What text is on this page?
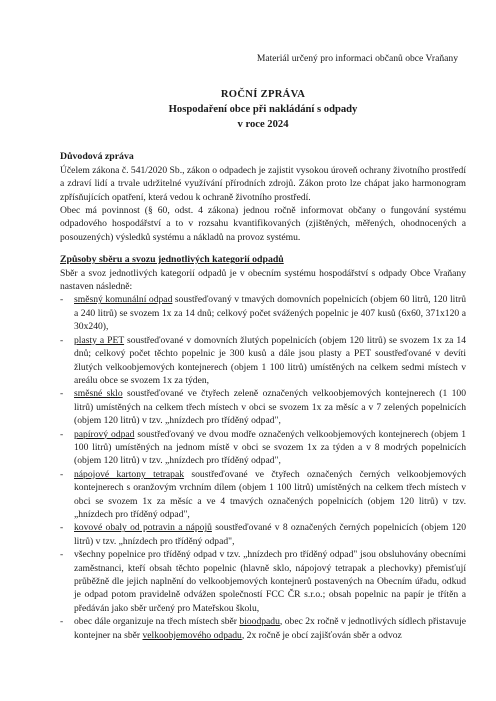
Materiál určený pro informaci občanů obce Vraňany
ROČNÍ ZPRÁVA
Hospodaření obce při nakládání s odpady
v roce 2024
Důvodová zpráva

Účelem zákona č. 541/2020 Sb., zákon o odpadech je zajistit vysokou úroveň ochrany životního prostředí a zdraví lidí a trvale udržitelné využívání přírodních zdrojů. Zákon proto lze chápat jako harmonogram zpřísňujících opatření, která vedou k ochraně životního prostředí.

Obec má povinnost (§ 60, odst. 4 zákona) jednou ročně informovat občany o fungování systému odpadového hospodářství a to v rozsahu kvantifikovaných (zjištěných, měřených, ohodnocených a posouzených) výsledků systému a nákladů na provoz systému.

Způsoby sběru a svozu jednotlivých kategorií odpadů

Sběr a svoz jednotlivých kategorií odpadů je v obecním systému hospodářství s odpady Obce Vraňany nastaven následně:

- směsný komunální odpad soustřeďovaný v tmavých domovních popelnicích (objem 60 litrů, 120 litrů a 240 litrů) se svozem 1x za 14 dnů; celkový počet svážených popelnic je 407 kusů (6x60, 371x120 a 30x240),
- plasty a PET soustřeďované v domovních žlutých popelnicích (objem 120 litrů) se svozem 1x za 14 dnů; celkový počet těchto popelnic je 300 kusů a dále jsou plasty a PET soustřeďované v devíti žlutých velkoobjemových kontejnerech (objem 1 100 litrů) umístěných na celkem sedmi místech v areálu obce se svozem 1x za týden,
- směsné sklo soustřeďované ve čtyřech zeleně označených velkoobjemových kontejnerech (1 100 litrů) umístěných na celkem třech místech v obci se svozem 1x za měsíc a v 7 zelených popelnicích (objem 120 litrů) v tzv. „hnízdech pro tříděný odpad",
- papírový odpad soustřeďovaný ve dvou modře označených velkoobjemových kontejnerech (objem 1 100 litrů) umístěných na jednom místě v obci se svozem 1x za týden a v 8 modrých popelnicích (objem 120 litrů) v tzv. „hnízdech pro tříděný odpad",
- nápojové kartony tetrapak soustřeďované ve čtyřech označených černých velkoobjemových kontejnerech s oranžovým vrchním dílem (objem 1 100 litrů) umístěných na celkem třech místech v obci se svozem 1x za měsíc a ve 4 tmavých označených popelnicích (objem 120 litrů) v tzv. „hnízdech pro tříděný odpad",
- kovové obaly od potravin a nápojů soustřeďované v 8 označených černých popelnicích (objem 120 litrů) v tzv. „hnízdech pro tříděný odpad",
- všechny popelnice pro tříděný odpad v tzv. „hnízdech pro tříděný odpad" jsou obsluhovány obecními zaměstnanci, kteří obsah těchto popelnic (hlavně sklo, nápojový tetrapak a plechovky) přemisťují průběžně dle jejich naplnění do velkoobjemových kontejnerů postavených na Obecním úřadu, odkud je odpad potom pravidelně odvážen společností FCC ČR s.r.o.; obsah popelnic na papír je třítěn a předáván jako sběr určený pro Mateřskou školu,
- obec dále organizuje na třech místech sběr bioodpadu, obec 2x ročně v jednotlivých sídlech přistavuje kontejner na sběr velkoobjemového odpadu, 2x ročně je obcí zajišťován sběr a odvoz
